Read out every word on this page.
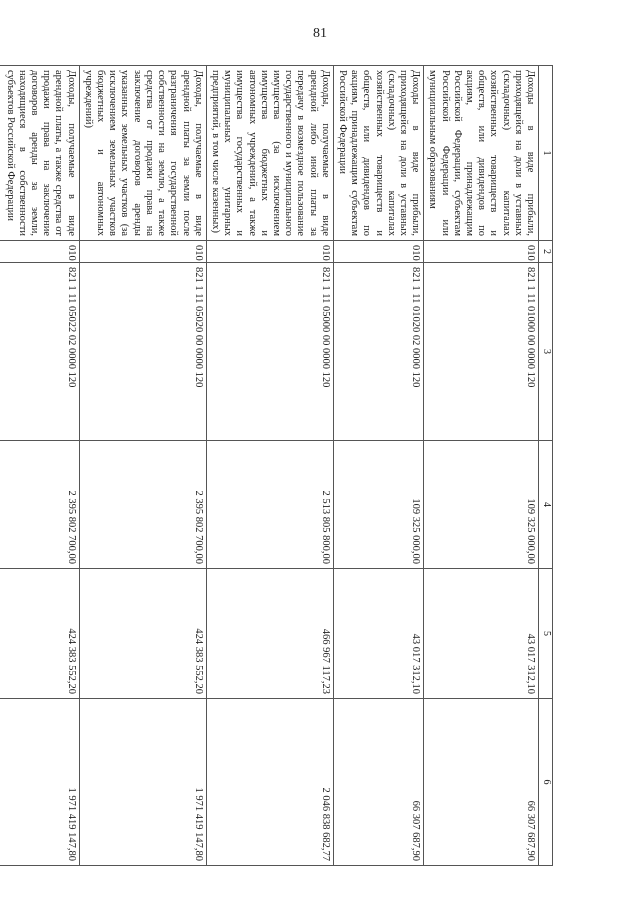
81
1	2	3	4	5	6
Доходы в виде прибыли, приходящейся на доли в уставных (складочных) капиталах хозяйственных товариществ и обществ, или дивидендов по акциям, принадлежащим Российской Федерации, субъектам Российской Федерации или муниципальным образованиям	010	821 1 11 01000 00 0000 120	109 325 000,00	43 017 312,10	66 307 687,90
Доходы в виде прибыли, приходящейся на доли в уставных (складочных) капиталах хозяйственных товариществ и обществ, или дивидендов по акциям, принадлежащим субъектам Российской Федерации	010	821 1 11 01020 02 0000 120	109 325 000,00	43 017 312,10	66 307 687,90
Доходы, получаемые в виде арендной либо иной платы за передачу в возмездное пользование государственного и муниципального имущества (за исключением имущества бюджетных и автономных учреждений, а также имущества государственных и муниципальных унитарных предприятий, в том числе казенных)	010	821 1 11 05000 00 0000 120	2 513 805 800,00	466 967 117,23	2 046 838 682,77
Доходы, получаемые в виде арендной платы за земли после разграничения государственной собственности на землю, а также средства от продажи права на заключение договоров аренды указанных земельных участков (за исключением земельных участков бюджетных и автономных учреждений)	010	821 1 11 05020 00 0000 120	2 395 802 700,00	424 383 552,20	1 971 419 147,80
Доходы, получаемые в виде арендной платы, а также средства от продажи права на заключение договоров аренды за земли, находящиеся в собственности субъектов Российской Федерации	010	821 1 11 05022 02 0000 120	2 395 802 700,00	424 383 552,20	1 971 419 147,80
